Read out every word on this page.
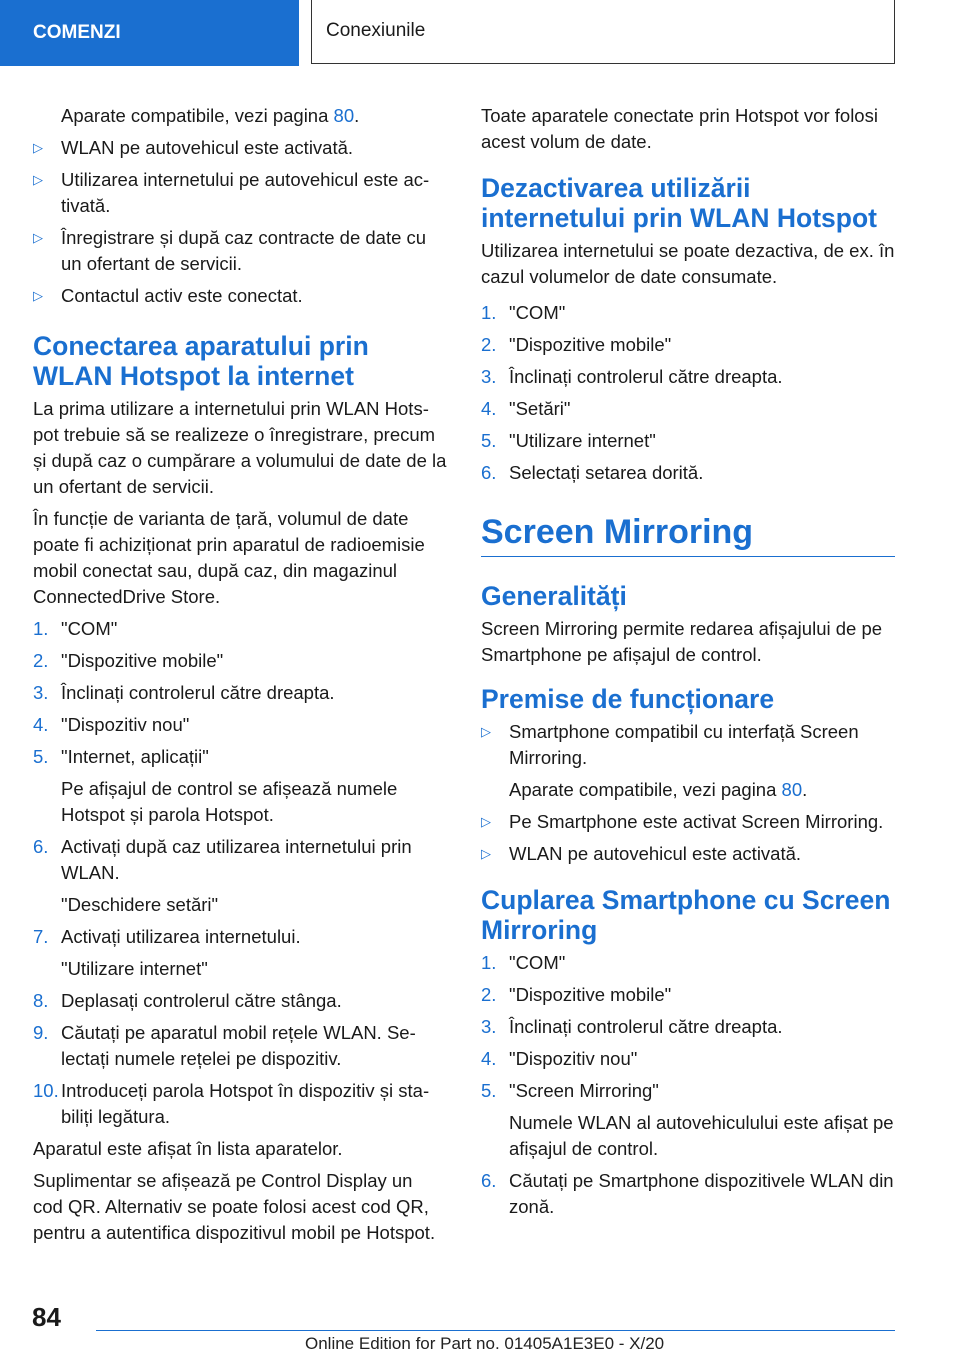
COMENZI	Conexiunile

Aparate compatibile, vezi pagina 80.

▷ WLAN pe autovehicul este activată.
▷ Utilizarea internetului pe autovehicul este ac-tivată.
▷ Înregistrare și după caz contracte de date cu un ofertant de servicii.
▷ Contactul activ este conectat.
Conectarea aparatului prin WLAN Hotspot la internet

La prima utilizare a internetului prin WLAN Hots-pot trebuie să se realizeze o înregistrare, precum și după caz o cumpărare a volumului de date de la un ofertant de servicii.

În funcție de varianta de țară, volumul de date poate fi achiziționat prin aparatul de radioemisie mobil conectat sau, după caz, din magazinul ConnectedDrive Store.

1. "COM"
2. "Dispozitive mobile"
3. Înclinați controlerul către dreapta.
4. "Dispozitiv nou"
5. "Internet, aplicații"

Pe afișajul de control se afișează numele Hotspot și parola Hotspot.

6. Activați după caz utilizarea internetului prin WLAN.

"Deschidere setări"

7. Activați utilizarea internetului.

"Utilizare internet"

8. Deplasați controlerul către stânga.
9. Căutați pe aparatul mobil rețele WLAN. Se-lectați numele rețelei pe dispozitiv.
10. Introduceți parola Hotspot în dispozitiv și sta-biliți legătura.

Aparatul este afișat în lista aparatelor.

Suplimentar se afișează pe Control Display un cod QR. Alternativ se poate folosi acest cod QR, pentru a autentifica dispozitivul mobil pe Hotspot.

Toate aparatele conectate prin Hotspot vor folosi acest volum de date.

Dezactivarea utilizării internetului prin WLAN Hotspot

Utilizarea internetului se poate dezactiva, de ex. în cazul volumelor de date consumate.

1. "COM"
2. "Dispozitive mobile"
3. Înclinați controlerul către dreapta.
4. "Setări"
5. "Utilizare internet"
6. Selectați setarea dorită.
Screen Mirroring
Generalități

Screen Mirroring permite redarea afișajului de pe Smartphone pe afișajul de control.

Premise de funcționare
▷ Smartphone compatibil cu interfață Screen Mirroring.

Aparate compatibile, vezi pagina 80.

▷ Pe Smartphone este activat Screen Mirroring.
▷ WLAN pe autovehicul este activată.
Cuplarea Smartphone cu Screen Mirroring
1. "COM"
2. "Dispozitive mobile"
3. Înclinați controlerul către dreapta.
4. "Dispozitiv nou"
5. "Screen Mirroring"

Numele WLAN al autovehiculului este afișat pe afișajul de control.

6. Căutați pe Smartphone dispozitivele WLAN din zonă.
84
Online Edition for Part no. 01405A1E3E0 - X/20
